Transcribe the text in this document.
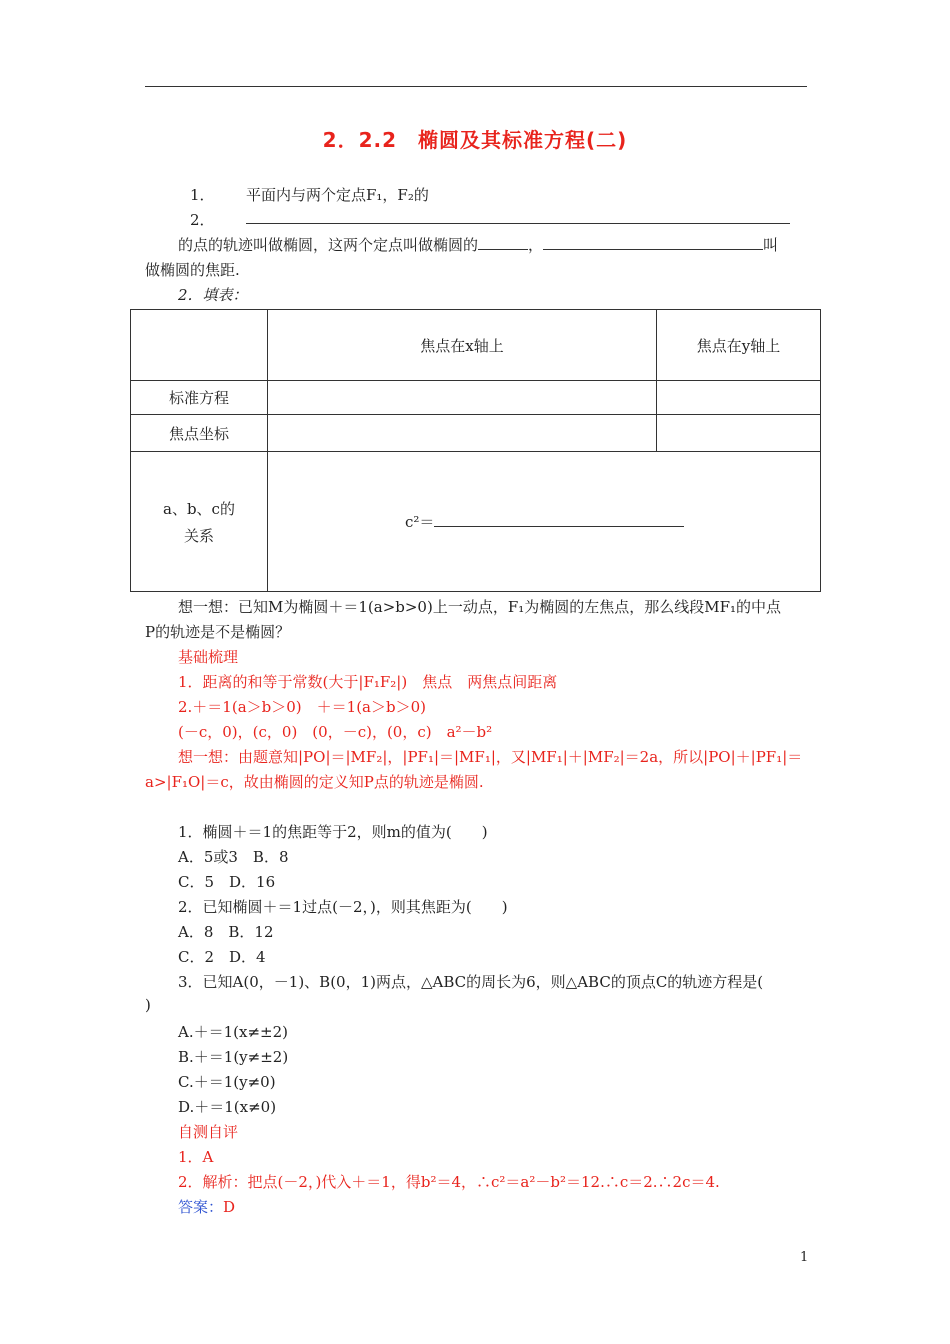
2．2.2　椭圆及其标准方程(二)
1． 平面内与两个定点F₁，F₂的
2．
的点的轨迹叫做椭圆，这两个定点叫做椭圆的	，	叫
做椭圆的焦距.
2．填表：
	焦点在x轴上	焦点在y轴上
标准方程		
焦点坐标		

a、b、c的
关系	c²＝	
想一想：已知M为椭圆＋＝1(a>b>0)上一动点，F₁为椭圆的左焦点，那么线段MF₁的中点
P的轨迹是不是椭圆？
基础梳理
1．距离的和等于常数(大于|F₁F₂|)　焦点　两焦点间距离
2.＋＝1(a＞b＞0)　＋＝1(a＞b＞0)
(－c，0)，(c，0)　(0，－c)，(0，c)　a²－b²
想一想：由题意知|PO|＝|MF₂|，|PF₁|＝|MF₁|，又|MF₁|＋|MF₂|＝2a，所以|PO|＋|PF₁|＝
a>|F₁O|＝c，故由椭圆的定义知P点的轨迹是椭圆.
1．椭圆＋＝1的焦距等于2，则m的值为(　　)
A．5或3　B．8
C．5　D．16
2．已知椭圆＋＝1过点(－2，)，则其焦距为(　　)
A．8　B．12
C．2　D．4
3．已知A(0，－1)、B(0，1)两点，△ABC的周长为6，则△ABC的顶点C的轨迹方程是(
)
A.＋＝1(x≠±2)
B.＋＝1(y≠±2)
C.＋＝1(y≠0)
D.＋＝1(x≠0)
自测自评
1．A
2．解析：把点(－2，)代入＋＝1，得b²＝4，∴c²＝a²－b²＝12.∴c＝2.∴2c＝4.
答案：D
1
